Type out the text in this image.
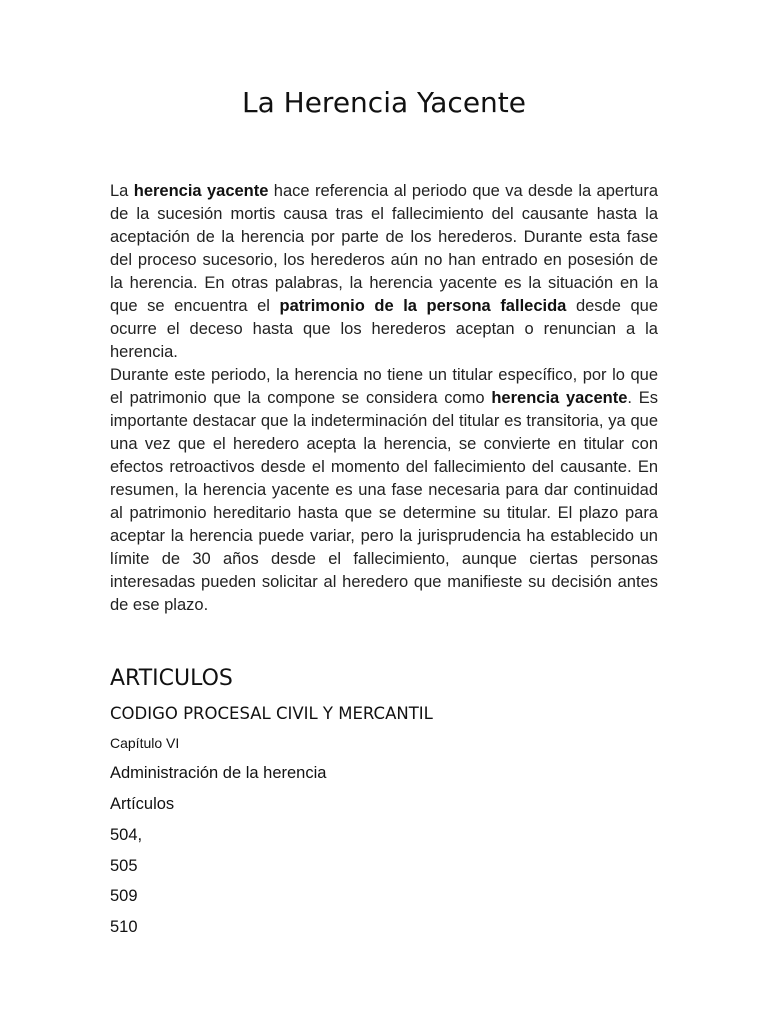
La Herencia Yacente

La herencia yacente hace referencia al periodo que va desde la apertura de la sucesión mortis causa tras el fallecimiento del causante hasta la aceptación de la herencia por parte de los herederos. Durante esta fase del proceso sucesorio, los herederos aún no han entrado en posesión de la herencia. En otras palabras, la herencia yacente es la situación en la que se encuentra el patrimonio de la persona fallecida desde que ocurre el deceso hasta que los herederos aceptan o renuncian a la herencia.

Durante este periodo, la herencia no tiene un titular específico, por lo que el patrimonio que la compone se considera como herencia yacente. Es importante destacar que la indeterminación del titular es transitoria, ya que una vez que el heredero acepta la herencia, se convierte en titular con efectos retroactivos desde el momento del fallecimiento del causante. En resumen, la herencia yacente es una fase necesaria para dar continuidad al patrimonio hereditario hasta que se determine su titular. El plazo para aceptar la herencia puede variar, pero la jurisprudencia ha establecido un límite de 30 años desde el fallecimiento, aunque ciertas personas interesadas pueden solicitar al heredero que manifieste su decisión antes de ese plazo.

ARTICULOS
CODIGO PROCESAL CIVIL Y MERCANTIL

Capítulo VI

Administración de la herencia

Artículos

504,

505

509

510
